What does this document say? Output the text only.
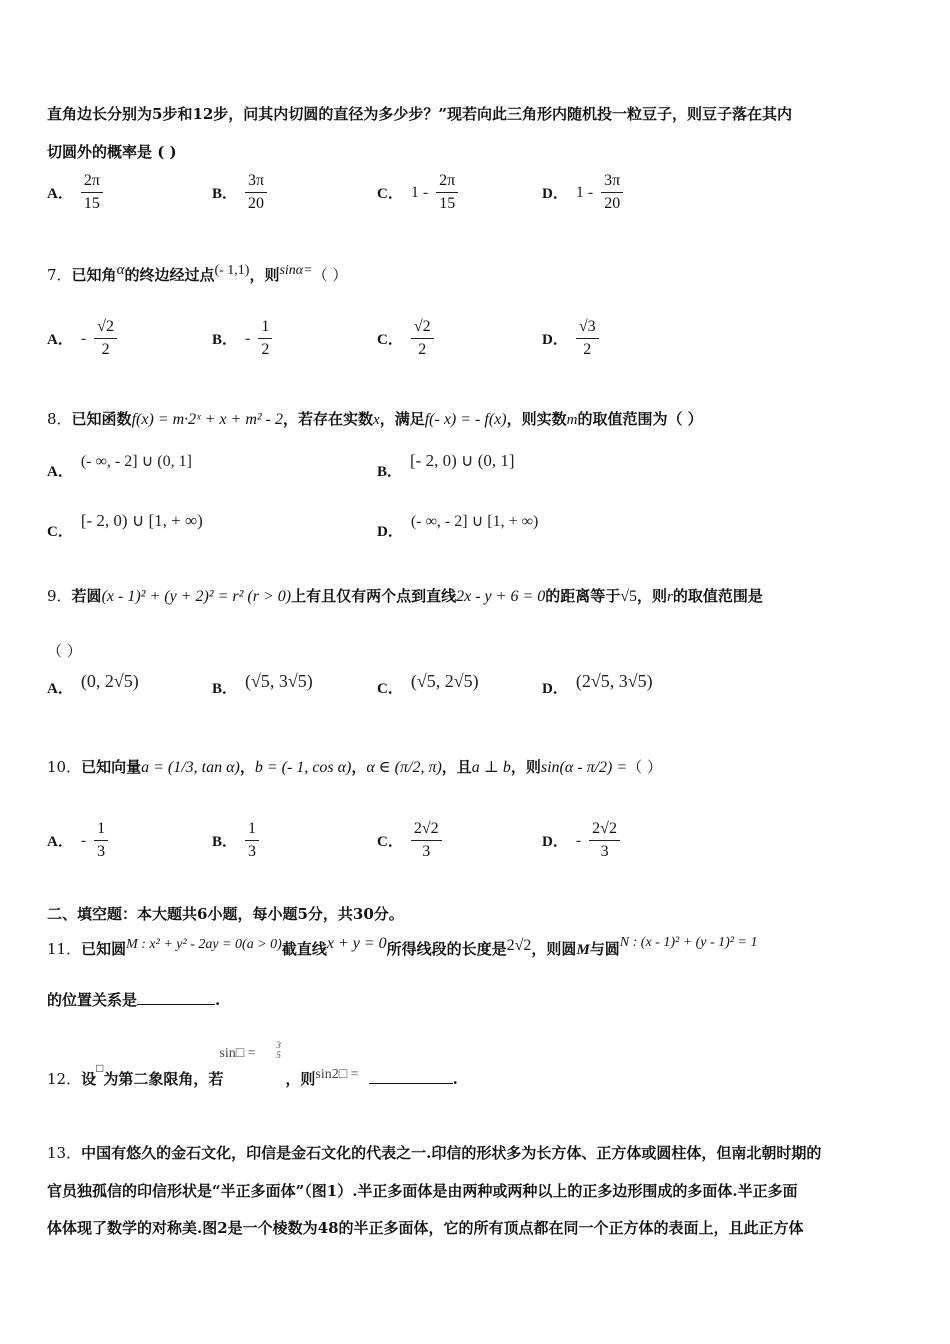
直角边长分别为5步和12步，问其内切圆的直径为多少步？”现若向此三角形内随机投一粒豆子，则豆子落在其内
切圆外的概率是 ( )
A． $\frac{2\pi}{15}$	B． $\frac{3\pi}{20}$	C． $1 - \frac{2\pi}{15}$	D． $1 - \frac{3\pi}{20}$
7．已知角α的终边经过点(- 1,1)，则sinα=（ ）
A． - $\frac{√2}{2}$	B． - $\frac{1}{2}$	C． $\frac{√2}{2}$	D． $\frac{√3}{2}$
8．已知函数f(x) = m·2ˣ + x + m² - 2，若存在实数x，满足f(- x) = - f(x)，则实数m的取值范围为（ ）
A．
(- ∞, - 2] ∪ (0, 1]
B．
[- 2, 0) ∪ (0, 1]
C．
[- 2, 0) ∪ [1, + ∞)
D．
(- ∞, - 2] ∪ [1, + ∞)
9．若圆(x - 1)² + (y + 2)² = r² (r > 0)上有且仅有两个点到直线2x - y + 6 = 0的距离等于√5，则r的取值范围是
（ ）
A． (0, 2√5)	B． (√5, 3√5)	C． (√5, 2√5)	D． (2√5, 3√5)
10．已知向量a = (1/3, tan α)，b = (- 1, cos α)，α ∈ (π/2, π)，且a ⊥ b，则sin(α - π/2) =（ ）
A． - $\frac{1}{3}$	B． $\frac{1}{3}$	C． $\frac{2√2}{3}$	D． - $\frac{2√2}{3}$
二、填空题：本大题共6小题，每小题5分，共30分。
11．已知圆M : x² + y² - 2ay = 0(a > 0)截直线x + y = 0所得线段的长度是2√2，则圆M与圆N : (x - 1)² + (y - 1)² = 1
的位置关系是	.
12．设□为第二象限角，若
sin□ =
3
5
，则sin2□ =	.
13．中国有悠久的金石文化，印信是金石文化的代表之一.印信的形状多为长方体、正方体或圆柱体，但南北朝时期的
官员独孤信的印信形状是“半正多面体”（图1）.半正多面体是由两种或两种以上的正多边形围成的多面体.半正多面
体体现了数学的对称美.图2是一个棱数为48的半正多面体，它的所有顶点都在同一个正方体的表面上，且此正方体
